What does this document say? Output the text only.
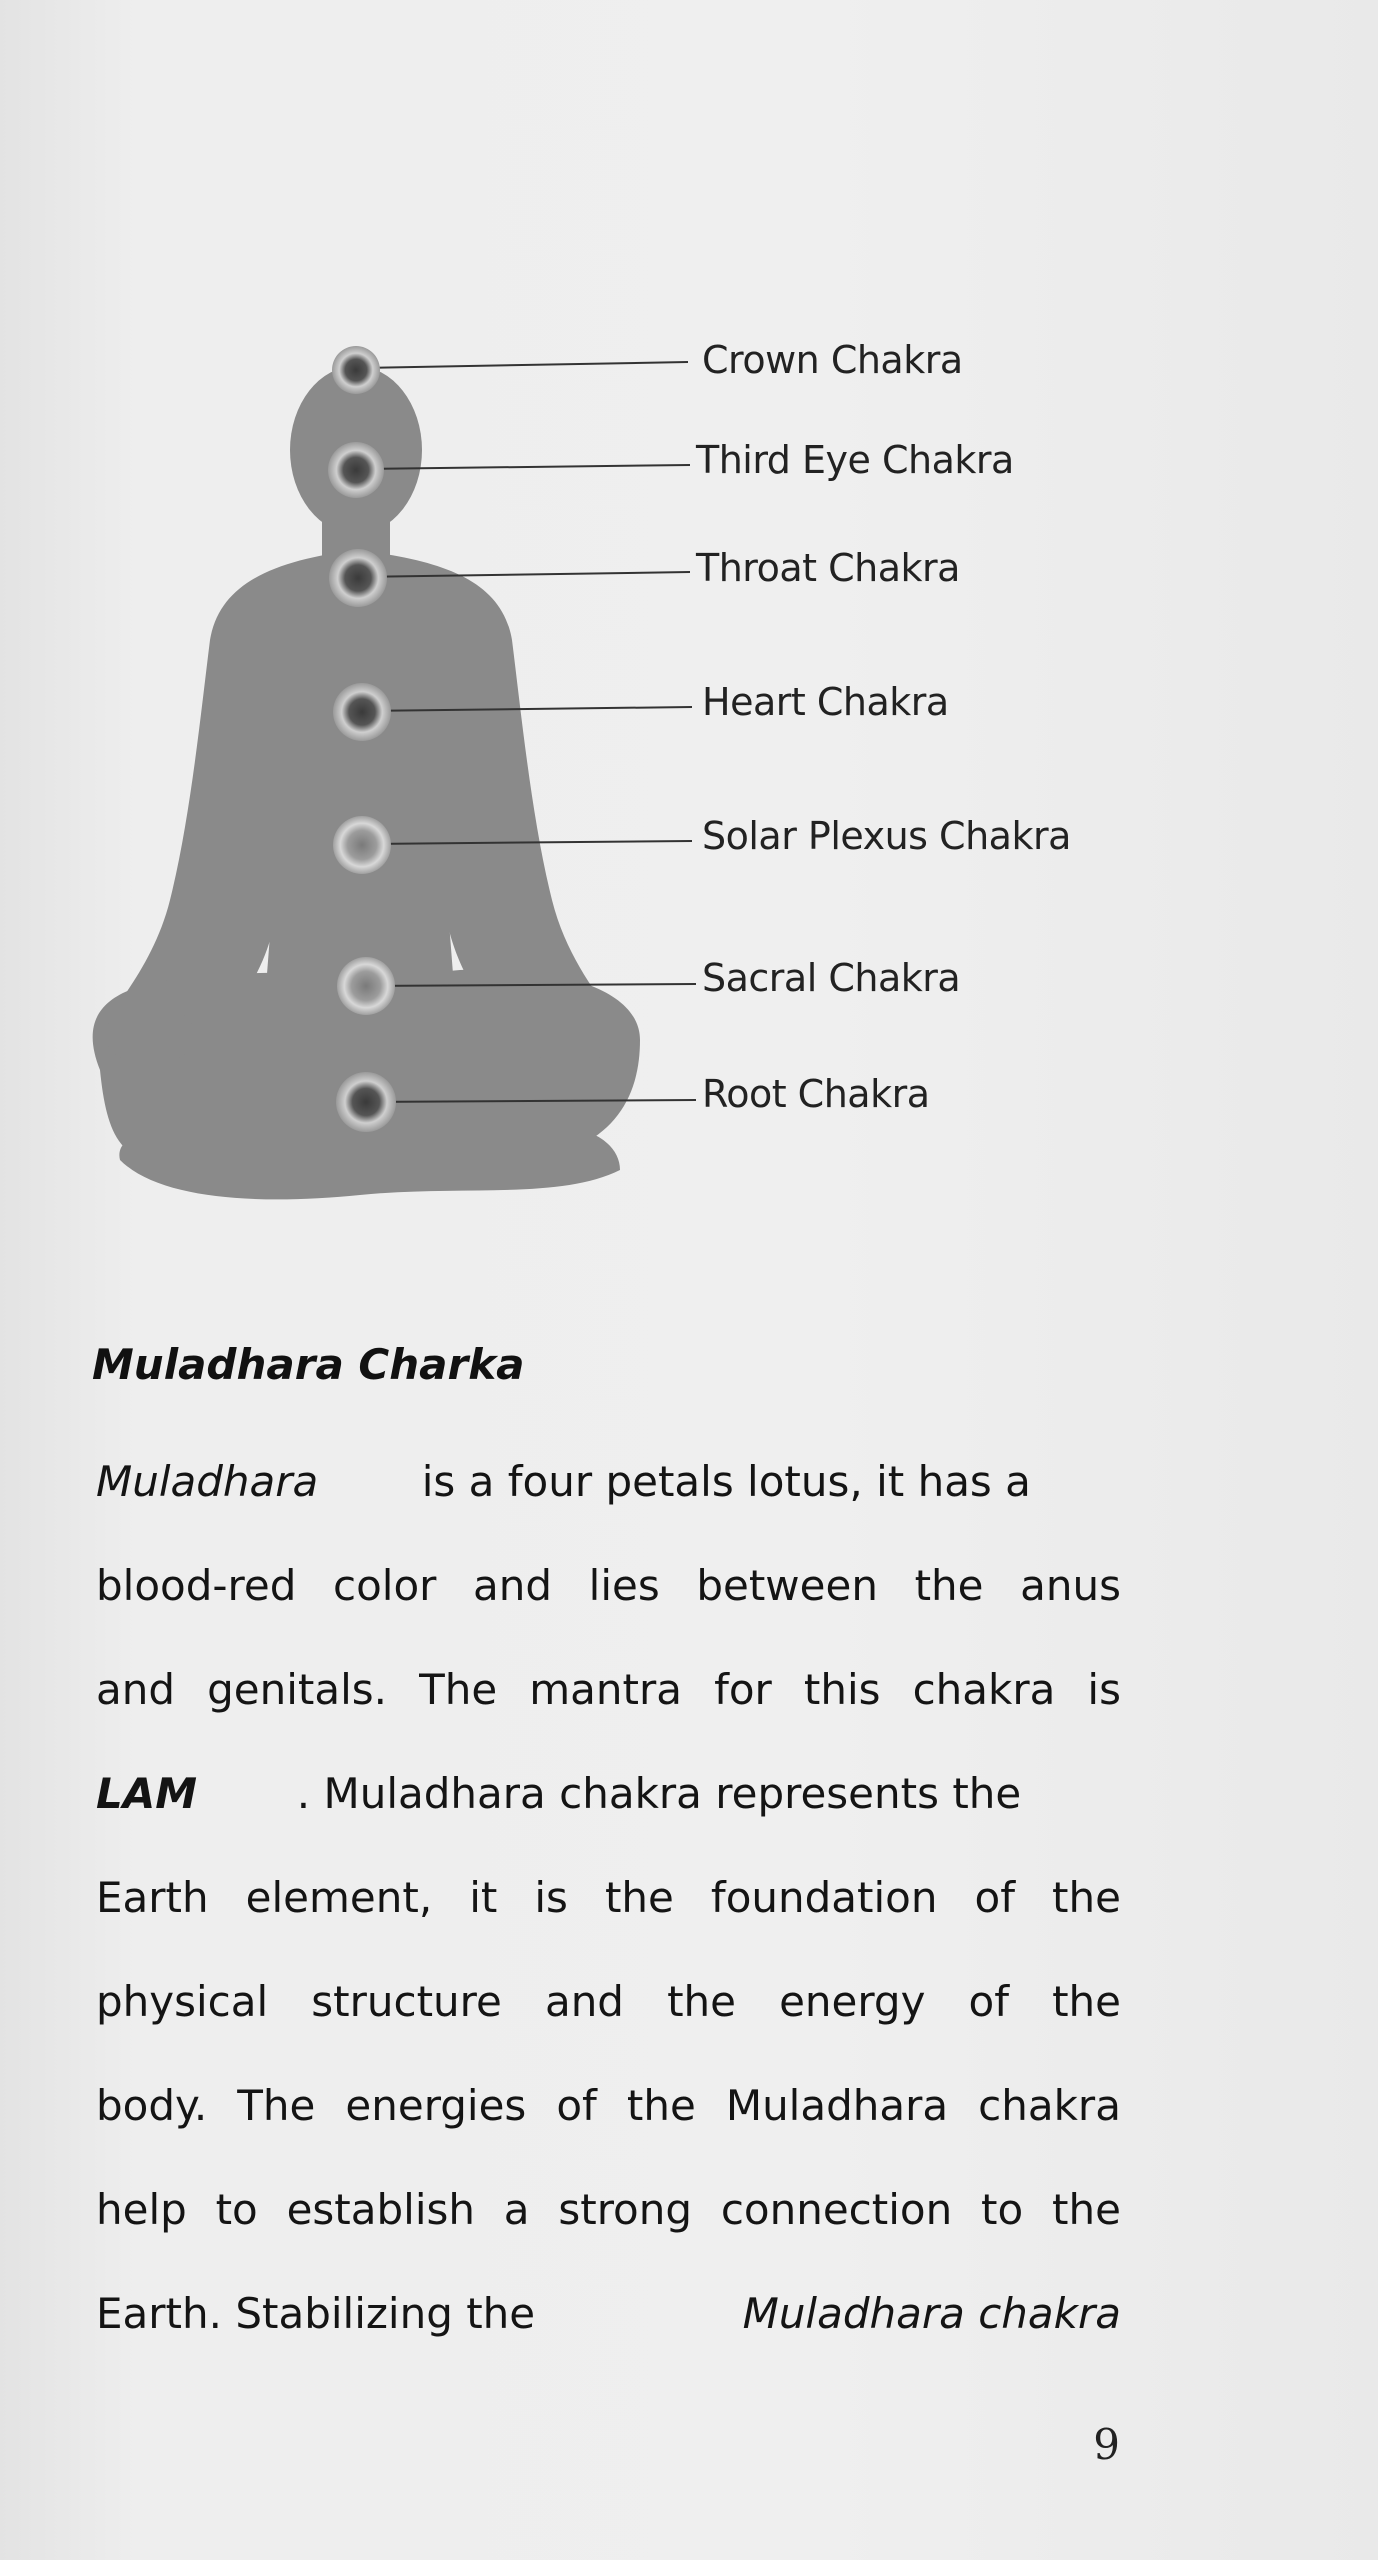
Crown Chakra
Third Eye Chakra
Throat Chakra
Heart Chakra
Solar Plexus Chakra
Sacral Chakra
Root Chakra
Muladhara Charka
Muladhara is a four petals lotus, it has a
blood-red color and lies between the anus
and genitals. The mantra for this chakra is
LAM . Muladhara chakra represents the
Earth element, it is the foundation of the
physical structure and the energy of the
body. The energies of the Muladhara chakra
help to establish a strong connection to the
Earth. Stabilizing the	Muladhara chakra
9
